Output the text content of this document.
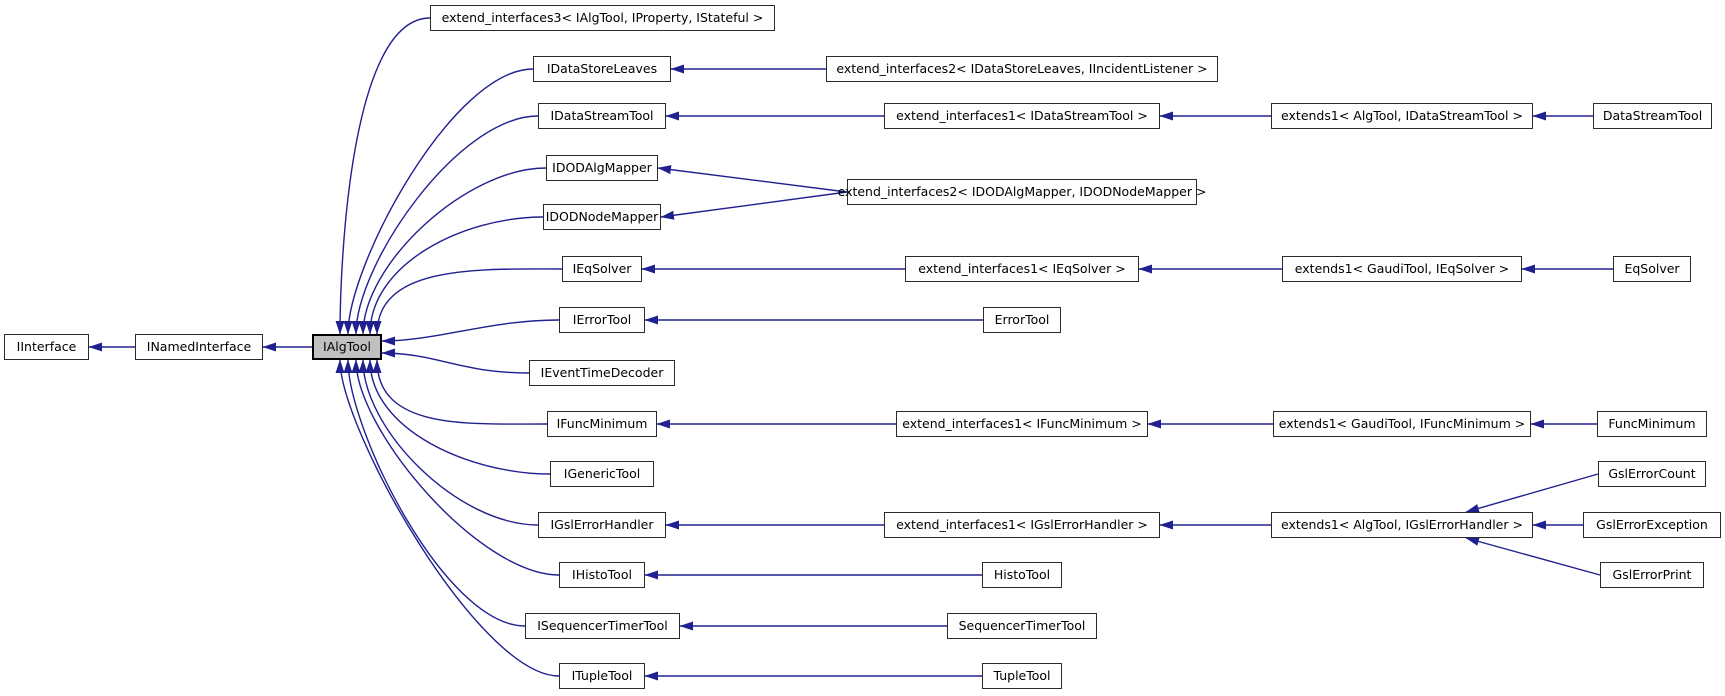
IInterface	INamedInterface	IAlgTool
extend_interfaces3< IAlgTool, IProperty, IStateful >
IDataStoreLeaves	extend_interfaces2< IDataStoreLeaves, IIncidentListener >
IDataStreamTool	extend_interfaces1< IDataStreamTool >	extends1< AlgTool, IDataStreamTool >	DataStreamTool
IDODAlgMapper
extend_interfaces2< IDODAlgMapper, IDODNodeMapper >
IDODNodeMapper
IEqSolver	extend_interfaces1< IEqSolver >	extends1< GaudiTool, IEqSolver >	EqSolver
IErrorTool	ErrorTool
IEventTimeDecoder
IFuncMinimum	extend_interfaces1< IFuncMinimum >	extends1< GaudiTool, IFuncMinimum >	FuncMinimum
IGenericTool
IGslErrorHandler	extend_interfaces1< IGslErrorHandler >	extends1< AlgTool, IGslErrorHandler >
GslErrorCount
GslErrorException
GslErrorPrint
IHistoTool	HistoTool
ISequencerTimerTool	SequencerTimerTool
ITupleTool	TupleTool
